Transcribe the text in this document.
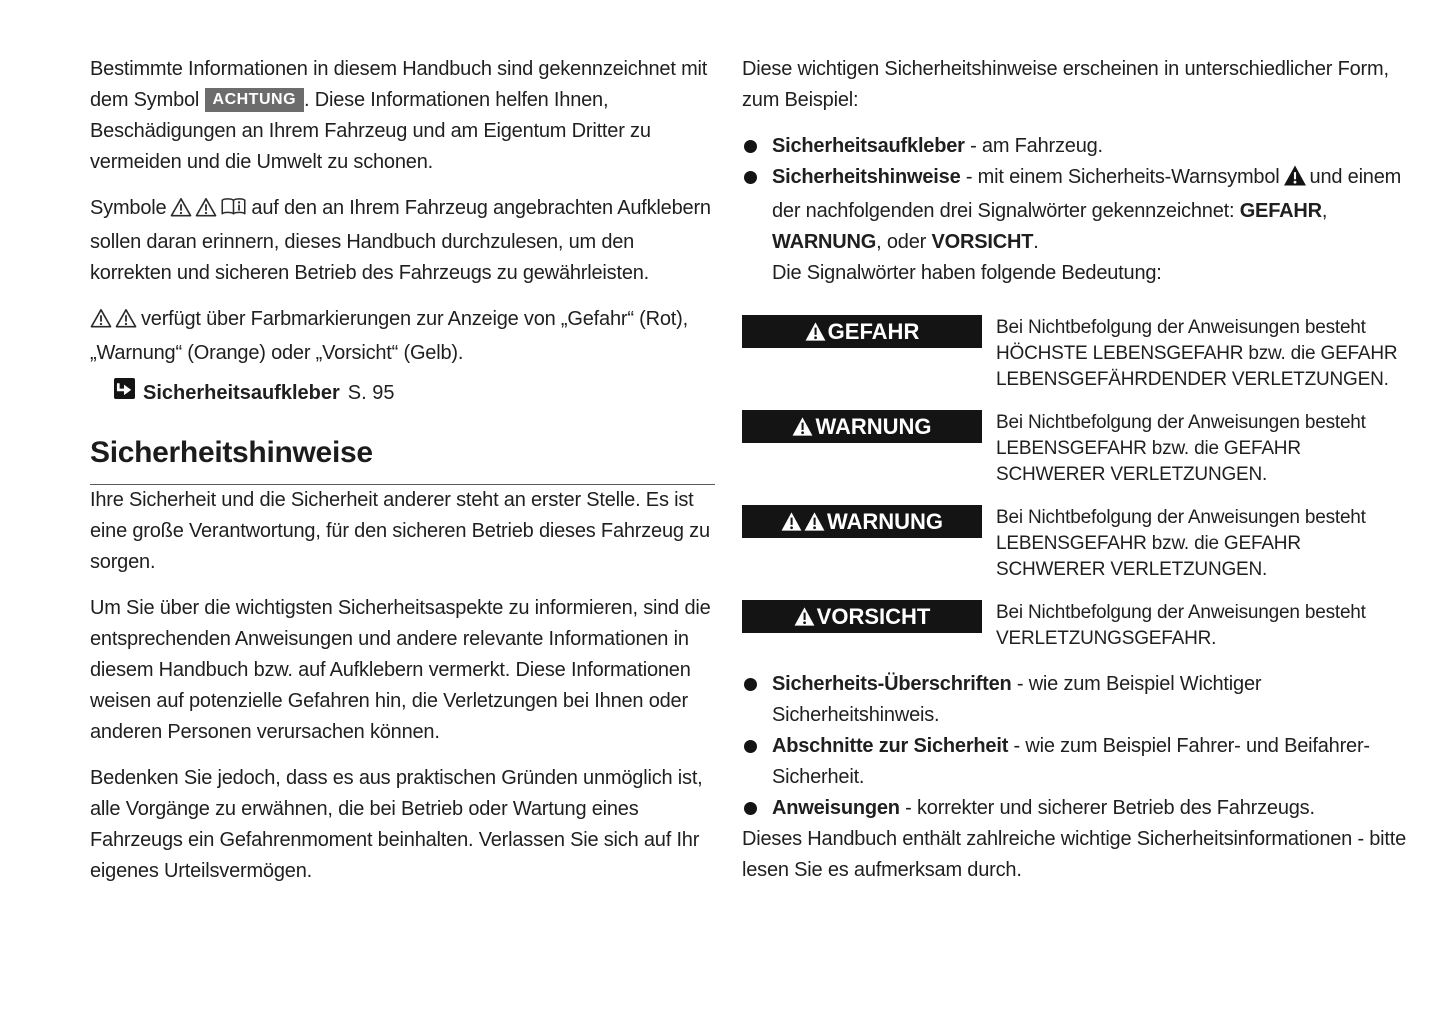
Bestimmte Informationen in diesem Handbuch sind gekennzeichnet mit dem Symbol ACHTUNG . Diese Informationen helfen Ihnen, Beschädigungen an Ihrem Fahrzeug und am Eigentum Dritter zu vermeiden und die Umwelt zu schonen.

Symbole	auf den an Ihrem Fahrzeug angebrachten Aufklebern sollen daran erinnern, dieses Handbuch durchzulesen, um den korrekten und sicheren Betrieb des Fahrzeugs zu gewährleisten.

verfügt über Farbmarkierungen zur Anzeige von „Gefahr“ (Rot), „Warnung“ (Orange) oder „Vorsicht“ (Gelb).

Sicherheitsaufkleber S. 95
Sicherheitshinweise

Ihre Sicherheit und die Sicherheit anderer steht an erster Stelle. Es ist eine große Verantwortung, für den sicheren Betrieb dieses Fahrzeug zu sorgen.

Um Sie über die wichtigsten Sicherheitsaspekte zu informieren, sind die entsprechenden Anweisungen und andere relevante Informationen in diesem Handbuch bzw. auf Aufklebern vermerkt. Diese Informationen weisen auf potenzielle Gefahren hin, die Verletzungen bei Ihnen oder anderen Personen verursachen können.

Bedenken Sie jedoch, dass es aus praktischen Gründen unmöglich ist, alle Vorgänge zu erwähnen, die bei Betrieb oder Wartung eines Fahrzeugs ein Gefahrenmoment beinhalten. Verlassen Sie sich auf Ihr eigenes Urteilsvermögen.

Diese wichtigen Sicherheitshinweise erscheinen in unterschiedlicher Form, zum Beispiel:

Sicherheitsaufkleber - am Fahrzeug.
Sicherheitshinweise - mit einem Sicherheits-Warnsymbol und einem der nachfolgenden drei Signalwörter gekennzeichnet: GEFAHR, WARNUNG, oder VORSICHT.
Die Signalwörter haben folgende Bedeutung:
GEFAHR	Bei Nichtbefolgung der Anweisungen besteht HÖCHSTE LEBENSGEFAHR bzw. die GEFAHR LEBENSGEFÄHRDENDER VERLETZUNGEN.

WARNUNG	Bei Nichtbefolgung der Anweisungen besteht LEBENSGEFAHR bzw. die GEFAHR SCHWERER VERLETZUNGEN.

WARNUNG	Bei Nichtbefolgung der Anweisungen besteht LEBENSGEFAHR bzw. die GEFAHR SCHWERER VERLETZUNGEN.

VORSICHT	Bei Nichtbefolgung der Anweisungen besteht VERLETZUNGSGEFAHR.

Sicherheits-Überschriften - wie zum Beispiel Wichtiger Sicherheitshinweis.
Abschnitte zur Sicherheit - wie zum Beispiel Fahrer- und Beifahrer-Sicherheit.
Anweisungen - korrekter und sicherer Betrieb des Fahrzeugs.

Dieses Handbuch enthält zahlreiche wichtige Sicherheitsinformationen - bitte lesen Sie es aufmerksam durch.
